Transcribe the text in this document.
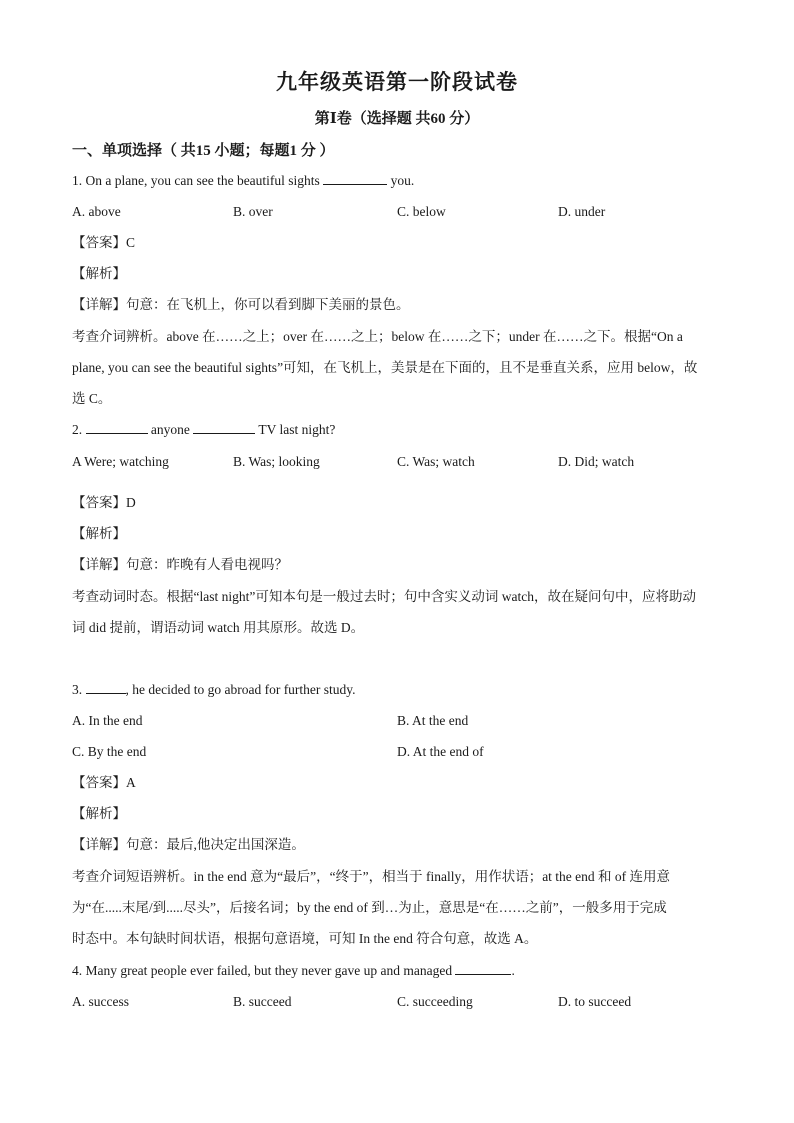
九年级英语第一阶段试卷
第Ⅰ卷（选择题 共60 分）
一、单项选择（ 共15 小题；每题1 分 ）
1. On a plane, you can see the beautiful sights	you.
A. above	B. over	C. below	D. under
【答案】C
【解析】
【详解】句意：在飞机上，你可以看到脚下美丽的景色。
考查介词辨析。above 在……之上；over 在……之上；below 在……之下；under 在……之下。根据“On a
plane, you can see the beautiful sights”可知，在飞机上，美景是在下面的，且不是垂直关系，应用 below，故
选 C。
2.	anyone	TV last night?
A Were; watching	B. Was; looking	C. Was; watch	D. Did; watch
【答案】D
【解析】
【详解】句意：昨晚有人看电视吗？
考查动词时态。根据“last night”可知本句是一般过去时；句中含实义动词 watch，故在疑问句中，应将助动
词 did 提前，谓语动词 watch 用其原形。故选 D。
3.	, he decided to go abroad for further study.
A. In the end	B. At the end
C. By the end	D. At the end of
【答案】A
【解析】
【详解】句意：最后,他决定出国深造。
考查介词短语辨析。in the end 意为“最后”，“终于”，相当于 finally，用作状语；at the end 和 of 连用意
为“在.....末尾/到.....尽头”，后接名词；by the end of 到…为止，意思是“在……之前”，一般多用于完成
时态中。本句缺时间状语，根据句意语境，可知 In the end 符合句意，故选 A。
4. Many great people ever failed, but they never gave up and managed	.
A. success	B. succeed	C. succeeding	D. to succeed
